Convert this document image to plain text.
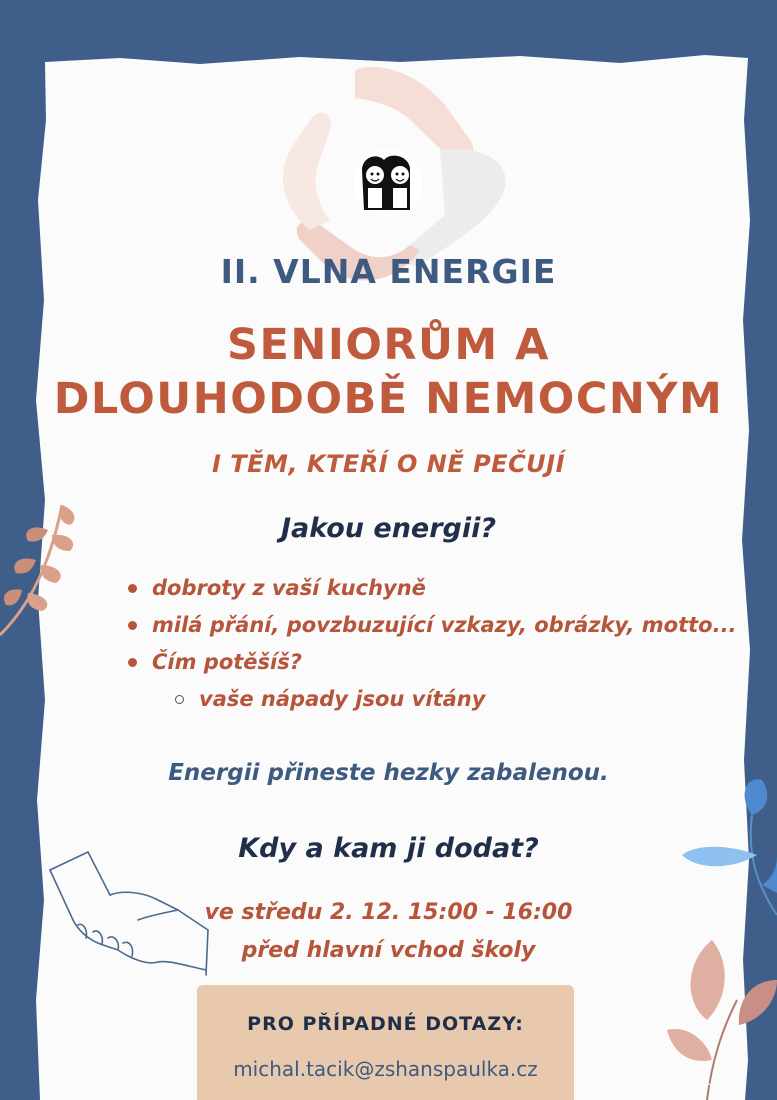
II. VLNA ENERGIE
SENIORŮM A
DLOUHODOBĚ NEMOCNÝM
I TĚM, KTEŘÍ O NĚ PEČUJÍ
Jakou energii?
dobroty z vaší kuchyně
milá přání, povzbuzující vzkazy, obrázky, motto...
Čím potěšíš?
vaše nápady jsou vítány
Energii přineste hezky zabalenou.
Kdy a kam ji dodat?
ve středu 2. 12. 15:00 - 16:00
před hlavní vchod školy
PRO PŘÍPADNÉ DOTAZY:
michal.tacik@zshanspaulka.cz	@zk
